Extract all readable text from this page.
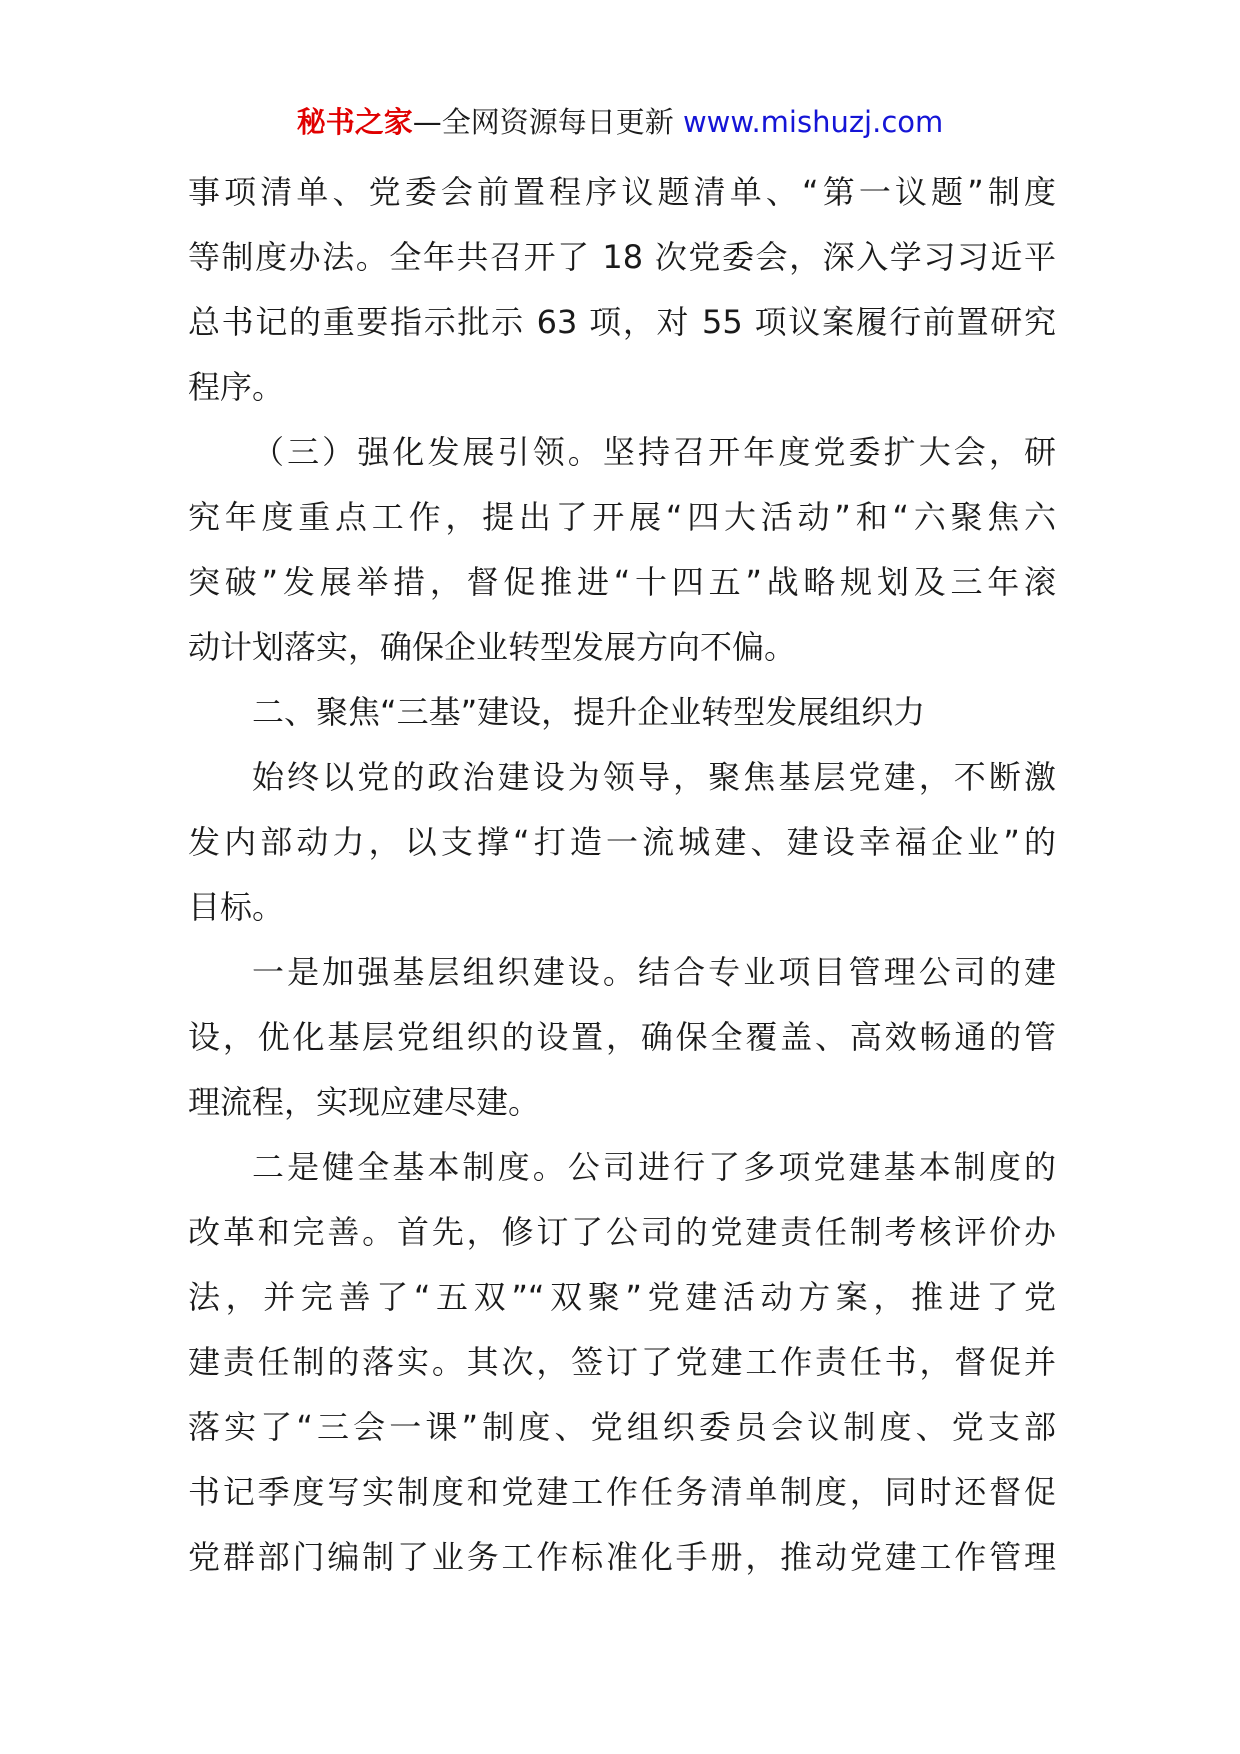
秘书之家—全网资源每日更新 www.mishuzj.com
事项清单、党委会前置程序议题清单、“第一议题”制度
等制度办法。全年共召开了 18 次党委会，深入学习习近平
总书记的重要指示批示 63 项，对 55 项议案履行前置研究
程序。
（三）强化发展引领。坚持召开年度党委扩大会，研
究年度重点工作，提出了开展“四大活动”和“六聚焦六
突破”发展举措，督促推进“十四五”战略规划及三年滚
动计划落实，确保企业转型发展方向不偏。
二、聚焦“三基”建设，提升企业转型发展组织力
始终以党的政治建设为领导，聚焦基层党建，不断激
发内部动力，以支撑“打造一流城建、建设幸福企业”的
目标。
一是加强基层组织建设。结合专业项目管理公司的建
设，优化基层党组织的设置，确保全覆盖、高效畅通的管
理流程，实现应建尽建。
二是健全基本制度。公司进行了多项党建基本制度的
改革和完善。首先，修订了公司的党建责任制考核评价办
法，并完善了“五双”“双聚”党建活动方案，推进了党
建责任制的落实。其次，签订了党建工作责任书，督促并
落实了“三会一课”制度、党组织委员会议制度、党支部
书记季度写实制度和党建工作任务清单制度，同时还督促
党群部门编制了业务工作标准化手册，推动党建工作管理
